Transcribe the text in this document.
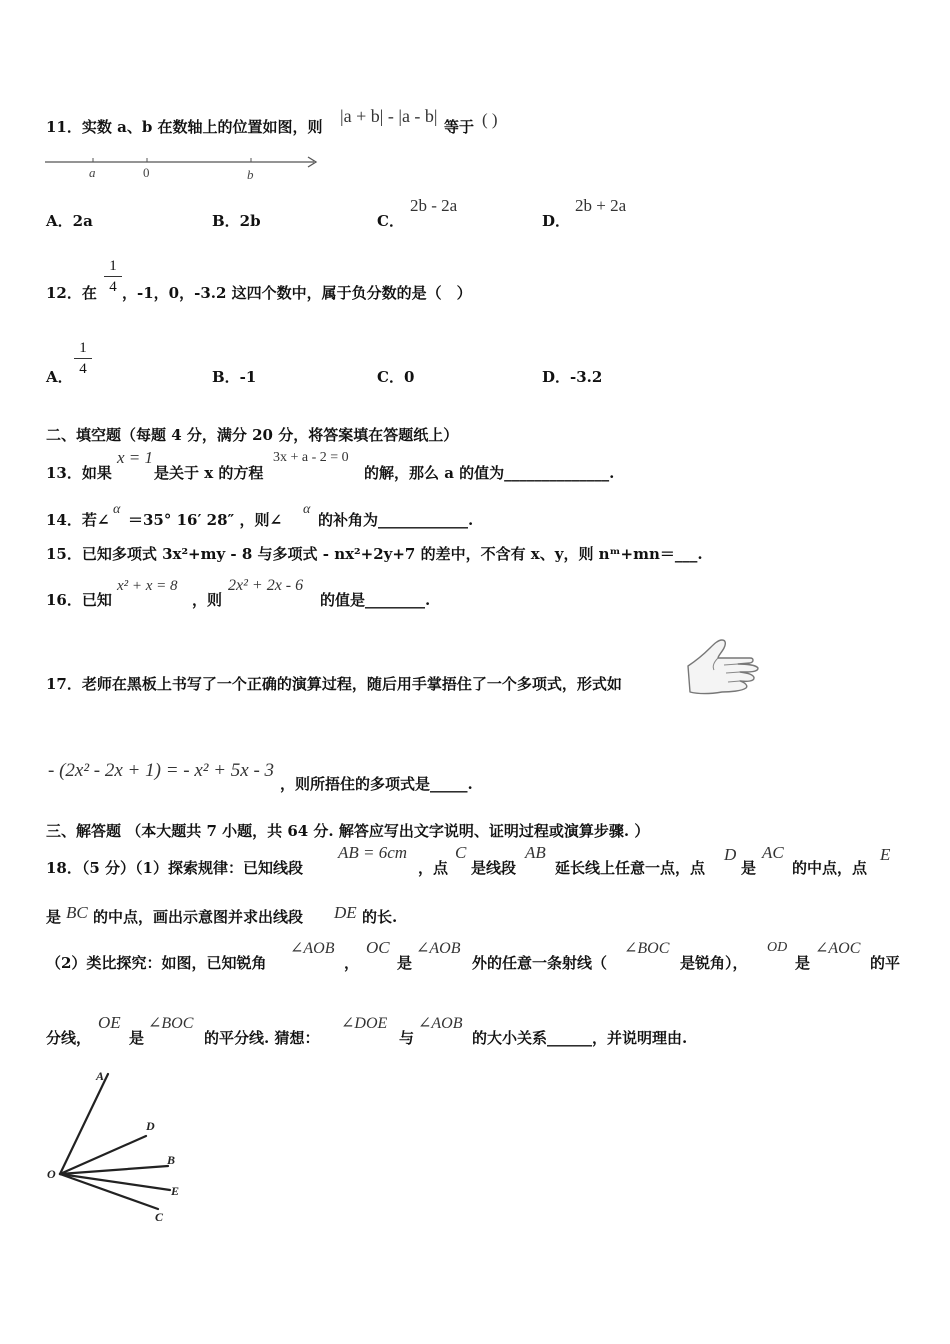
11．实数 a、b 在数轴上的位置如图，则
|a + b| - |a - b|
等于 ( )
a	0	b
A．2a	B．2b	C．
2b - 2a
D．
2b + 2a
12．在
1
4 ，-1，0，-3.2 这四个数中，属于负分数的是（　）
A．
1
4	B．-1	C．0	D．-3.2
二、填空题（每题 4 分，满分 20 分，将答案填在答题纸上）
13．如果
x = 1
是关于 x 的方程
3x + a - 2 = 0
的解，那么 a 的值为______________.
14．若∠
α
＝35° 16′ 28″ ，则∠
α
的补角为____________.
15．已知多项式 3x²+my - 8 与多项式 - nx²+2y+7 的差中，不含有 x、y，则 nᵐ+mn＝___.
16．已知
x² + x = 8
，则
2x² + 2x - 6
的值是________.
17．老师在黑板上书写了一个正确的演算过程，随后用手掌捂住了一个多项式，形式如
- (2x² - 2x + 1) = - x² + 5x - 3
，则所捂住的多项式是_____.
三、解答题 （本大题共 7 小题，共 64 分. 解答应写出文字说明、证明过程或演算步骤. ）
18．（5 分）（1）探索规律：已知线段
AB = 6cm
，点
C
是线段
AB
延长线上任意一点，点
D
是
AC
的中点，点
E
是 BC 的中点，画出示意图并求出线段 DE 的长.
（2）类比探究：如图，已知锐角
∠AOB
，
OC
是
∠AOB
外的任意一条射线（
∠BOC
是锐角），
OD
是
∠AOC
的平
分线，
OE
是
∠BOC
的平分线. 猜想：
∠DOE
与
∠AOB
的大小关系______，并说明理由.
A
D
B
E
C
O
